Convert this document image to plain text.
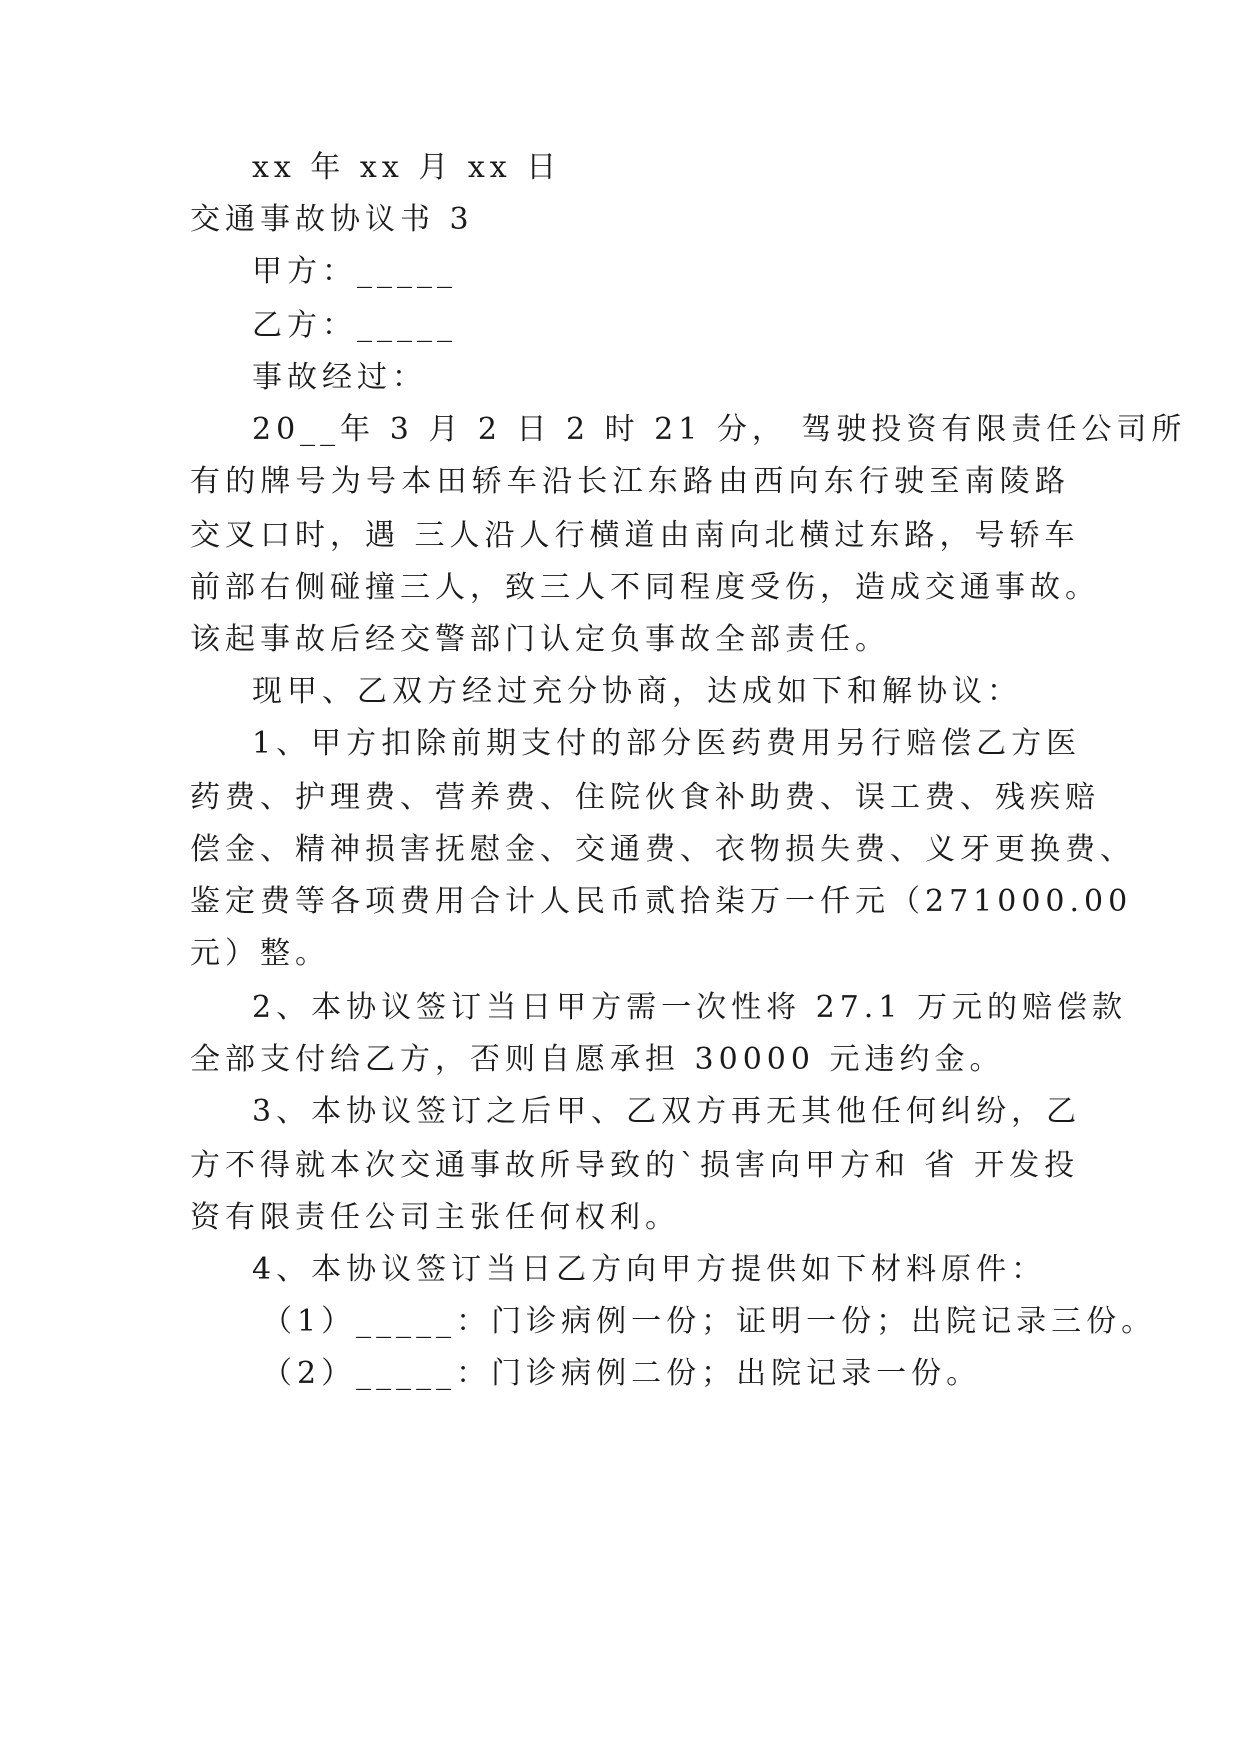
xx 年 xx 月 xx 日
交通事故协议书 3
甲方：_____
乙方：_____
事故经过：
20__年 3 月 2 日 2 时 21 分， 驾驶投资有限责任公司所
有的牌号为号本田轿车沿长江东路由西向东行驶至南陵路
交叉口时，遇 三人沿人行横道由南向北横过东路，号轿车
前部右侧碰撞三人，致三人不同程度受伤，造成交通事故。
该起事故后经交警部门认定负事故全部责任。
现甲、乙双方经过充分协商，达成如下和解协议：
1、甲方扣除前期支付的部分医药费用另行赔偿乙方医
药费、护理费、营养费、住院伙食补助费、误工费、残疾赔
偿金、精神损害抚慰金、交通费、衣物损失费、义牙更换费、
鉴定费等各项费用合计人民币贰拾柒万一仟元（271000.00
元）整。
2、本协议签订当日甲方需一次性将 27.1 万元的赔偿款
全部支付给乙方，否则自愿承担 30000 元违约金。
3、本协议签订之后甲、乙双方再无其他任何纠纷，乙
方不得就本次交通事故所导致的`损害向甲方和 省 开发投
资有限责任公司主张任何权利。
4、本协议签订当日乙方向甲方提供如下材料原件：
（1）_____：门诊病例一份；证明一份；出院记录三份。
（2）_____：门诊病例二份；出院记录一份。
